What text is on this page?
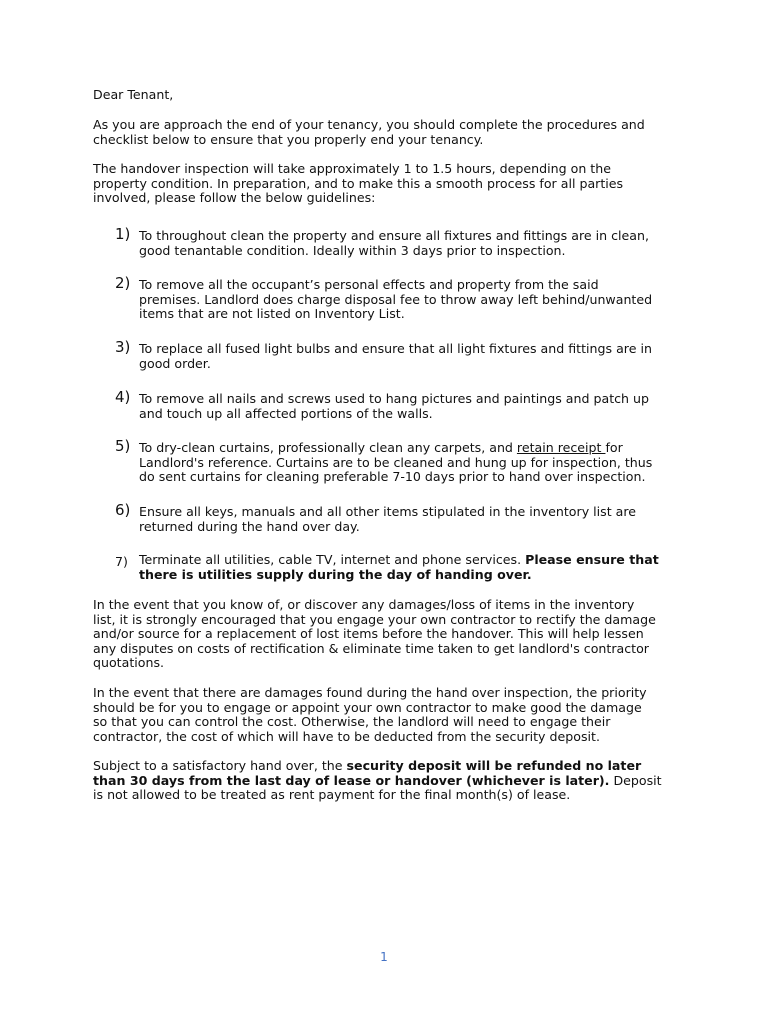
Dear Tenant,
As you are approach the end of your tenancy, you should complete the procedures and
checklist below to ensure that you properly end your tenancy.
The handover inspection will take approximately 1 to 1.5 hours, depending on the
property condition. In preparation, and to make this a smooth process for all parties
involved, please follow the below guidelines:
1) To throughout clean the property and ensure all fixtures and fittings are in clean,
good tenantable condition. Ideally within 3 days prior to inspection.
2) To remove all the occupant’s personal effects and property from the said
premises. Landlord does charge disposal fee to throw away left behind/unwanted
items that are not listed on Inventory List.
3) To replace all fused light bulbs and ensure that all light fixtures and fittings are in
good order.
4) To remove all nails and screws used to hang pictures and paintings and patch up
and touch up all affected portions of the walls.
5) To dry-clean curtains, professionally clean any carpets, and retain receipt for
Landlord's reference. Curtains are to be cleaned and hung up for inspection, thus
do sent curtains for cleaning preferable 7-10 days prior to hand over inspection.
6) Ensure all keys, manuals and all other items stipulated in the inventory list are
returned during the hand over day.
7) Terminate all utilities, cable TV, internet and phone services. Please ensure that
there is utilities supply during the day of handing over.
In the event that you know of, or discover any damages/loss of items in the inventory
list, it is strongly encouraged that you engage your own contractor to rectify the damage
and/or source for a replacement of lost items before the handover. This will help lessen
any disputes on costs of rectification & eliminate time taken to get landlord's contractor
quotations.
In the event that there are damages found during the hand over inspection, the priority
should be for you to engage or appoint your own contractor to make good the damage
so that you can control the cost. Otherwise, the landlord will need to engage their
contractor, the cost of which will have to be deducted from the security deposit.
Subject to a satisfactory hand over, the security deposit will be refunded no later
than 30 days from the last day of lease or handover (whichever is later). Deposit
is not allowed to be treated as rent payment for the final month(s) of lease.
1
